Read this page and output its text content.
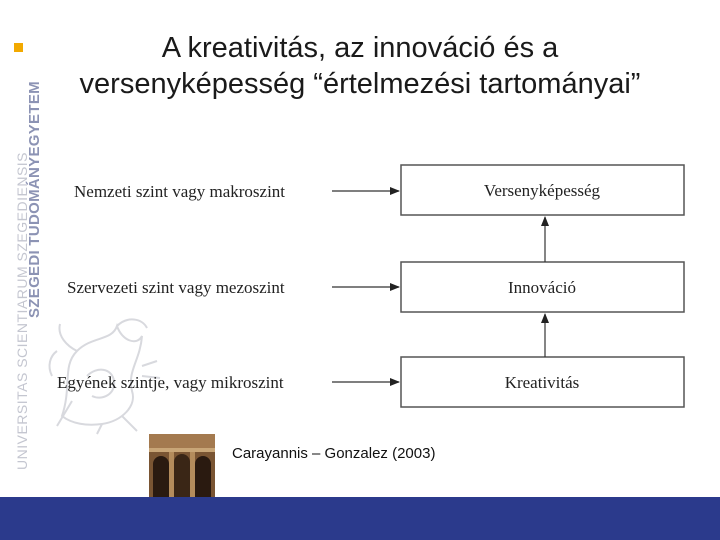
SZEGEDI TUDOMÁNYEGYETEM
UNIVERSITAS SCIENTIARUM SZEGEDIENSIS
A kreativitás, az innováció és a
versenyképesség “értelmezési tartományai”
Nemzeti szint vagy makroszint	Versenyképesség
Szervezeti szint vagy mezoszint	Innováció
Egyének szintje, vagy mikroszint	Kreativitás
Carayannis – Gonzalez (2003)
